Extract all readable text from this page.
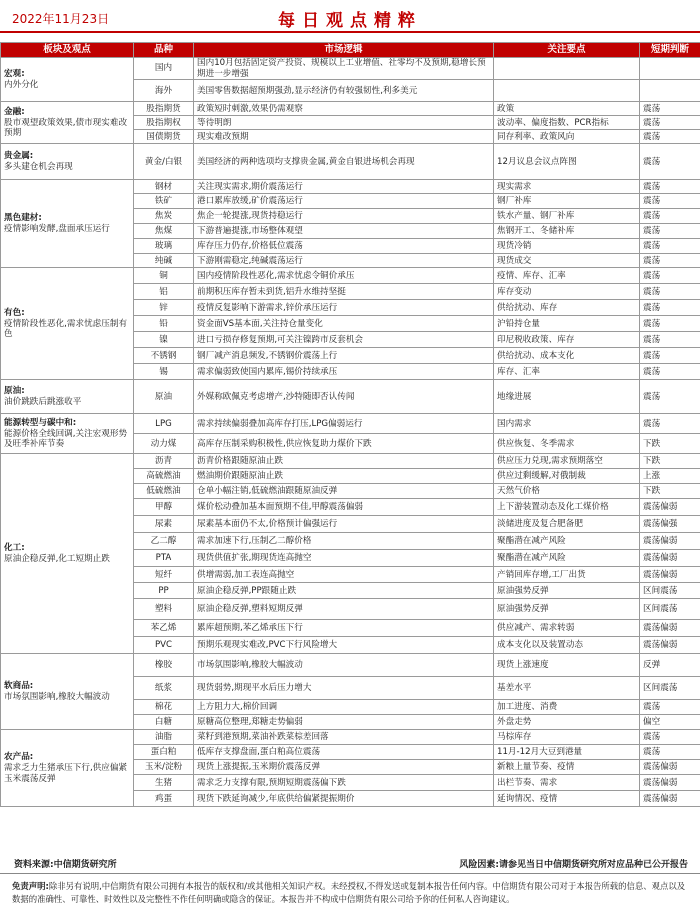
2022年11月23日	每日观点精粹
板块及观点	品种	市场逻辑	关注要点	短期判断

宏观:
内外分化	国内	国内10月包括固定资产投资、规模以上工业增值、社零均不及预期,稳增长预期进一步增强		
	海外	美国零售数据超预期强劲,显示经济仍有较强韧性,利多美元		

金融:
股市观望政策效果,债市现实难改预期	股指期货	政策短时刺激,效果仍需观察	政策	震荡
	股指期权	等待明朗	波动率、偏度指数、PCR指标	震荡
	国债期货	现实难改预期	同存利率、政策风向	震荡

贵金属:
多头建仓机会再现	黄金/白银	美国经济的两种选项均支撑贵金属,黄金自银进场机会再现	12月议息会议点阵图	震荡

黑色建材:
疫情影响发酵,盘面承压运行	钢材	关注现实需求,期价震荡运行	现实需求	震荡
	铁矿	港口累库放缓,矿价震荡运行	钢厂补库	震荡
	焦炭	焦企一轮提涨,现货持稳运行	铁水产量、钢厂补库	震荡
	焦煤	下游普遍提涨,市场整体观望	焦钢开工、冬储补库	震荡
	玻璃	库存压力仍存,价格低位震荡	现货冷销	震荡
	纯碱	下游刚需稳定,纯碱震荡运行	现货成交	震荡

有色:
疫情阶段性恶化,需求忧虑压制有色	铜	国内疫情阶段性恶化,需求忧虑令铜价承压	疫情、库存、汇率	震荡
	铝	前期积压库存暂未到货,铝升水维持坚挺	库存变动	震荡
	锌	疫情反复影响下游需求,锌价承压运行	供给扰动、库存	震荡
	铅	资金面VS基本面,关注持仓量变化	沪铅持仓量	震荡
	镍	进口亏损存修复预期,可关注镍跨市反套机会	印尼税收政策、库存	震荡
	不锈钢	钢厂减产消息频发,不锈钢价震荡上行	供给扰动、成本支化	震荡
	锡	需求偏弱致使国内累库,锡价持续承压	库存、汇率	震荡

原油:
油价跳跌后跳涨收平	原油	外媒称欧佩克考虑增产,沙特随即否认传闻	地缘进展	震荡

能源转型与碳中和:
能源价格全线回调,关注宏观形势及旺季补库节奏	LPG	需求持续偏弱叠加高库存打压,LPG偏弱运行	国内需求	震荡
	动力煤	高库存压制采购积极性,供应恢复助力煤价下跌	供应恢复、冬季需求	下跌

化工:
原油企稳反弹,化工短期止跌	沥青	沥青价格跟随原油止跌	供应压力兑现,需求预期落空	下跌
	高硫燃油	燃油期价跟随原油止跌	供应过剩缓解,对俄制裁	上涨
	低硫燃油	仓单小幅注销,低硫燃油跟随原油反弹	天然气价格	下跌
	甲醇	煤价松动叠加基本面预期不佳,甲醇震荡偏弱	上下游装置动态及化工煤价格	震荡偏弱
	尿素	尿素基本面仍不太,价格预计偏强运行	淡储进度及复合肥备肥	震荡偏强
	乙二醇	需求加速下行,压制乙二醇价格	聚酯潜在减产风险	震荡偏弱
	PTA	现货供值扩张,期现货连高抛空	聚酯潜在减产风险	震荡偏弱
	短纤	供增需弱,加工表连高抛空	产销回库存增,工厂出货	震荡偏弱
	PP	原油企稳反弹,PP跟随止跌	原油强势反弹	区间震荡
	塑料	原油企稳反弹,塑料短期反弹	原油强势反弹	区间震荡
	苯乙烯	累库超预期,苯乙烯承压下行	供应减产、需求转弱	震荡偏弱
	PVC	预期乐观现实难改,PVC下行风险增大	成本支化以及装置动态	震荡偏弱

软商品:
市场氛围影响,橡胶大幅波动	橡胶	市场氛围影响,橡胶大幅波动	现货上涨速度	反弹
	纸浆	现货弱势,期现平水后压力增大	基差水平	区间震荡
	棉花	上方阻力大,棉价回调	加工进度、消费	震荡
	白糖	原糖高位整理,郑糖走势偏弱	外盘走势	偏空

农产品:
需求乏力生猪承压下行,供应偏紧玉米震荡反弹	油脂	菜籽到港预期,菜油补跌菜棕差回落	马棕库存	震荡
	蛋白粕	低库存支撑盘面,蛋白粕高位震荡	11月-12月大豆到港量	震荡
	玉米/淀粉	现货上涨提振,玉米期价震荡反弹	新粮上量节奏、疫情	震荡偏弱
	生猪	需求乏力支撑有限,预期短期震荡偏下跌	出栏节奏、需求	震荡偏弱
	鸡蛋	现货下跌延询减少,年底供给偏紧提振期价	延询情况、疫情	震荡偏弱
资料来源:中信期货研究所	风险因素:请参见当日中信期货研究所对应品种已公开报告
免责声明:除非另有说明,中信期货有限公司拥有本报告的版权和/或其他相关知识产权。未经授权,不得发送或复制本报告任何内容。中信期货有限公司对于本报告所载的信息、观点以及数据的准确性、可靠性、时效性以及完整性不作任何明确或隐含的保证。本报告并不构成中信期货有限公司给予你的任何私人咨询建议。
